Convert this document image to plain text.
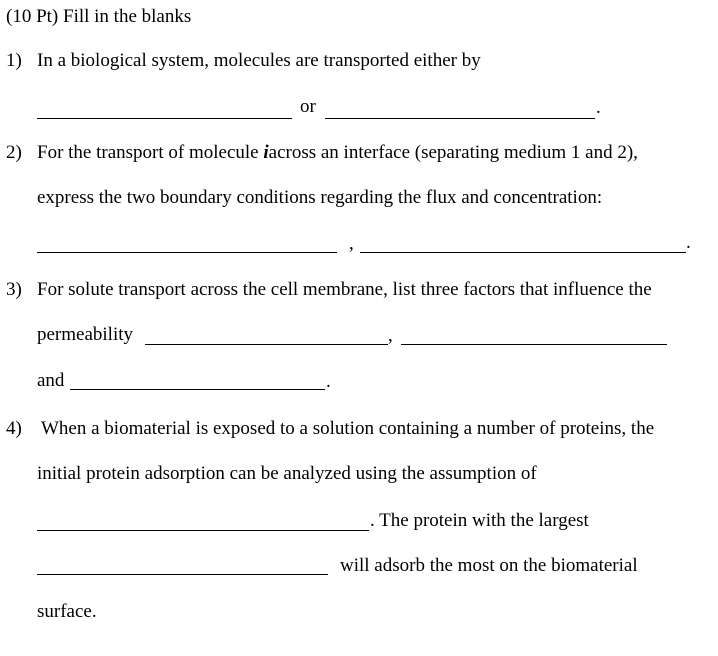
(10 Pt) Fill in the blanks
1) In a biological system, molecules are transported either by
or	.
2) For the transport of molecule iacross an interface (separating medium 1 and 2),
express the two boundary conditions regarding the flux and concentration:
,	.
3) For solute transport across the cell membrane, list three factors that influence the
permeability	,
and	.
4) When a biomaterial is exposed to a solution containing a number of proteins, the
initial protein adsorption can be analyzed using the assumption of
. The protein with the largest
will adsorb the most on the biomaterial
surface.
